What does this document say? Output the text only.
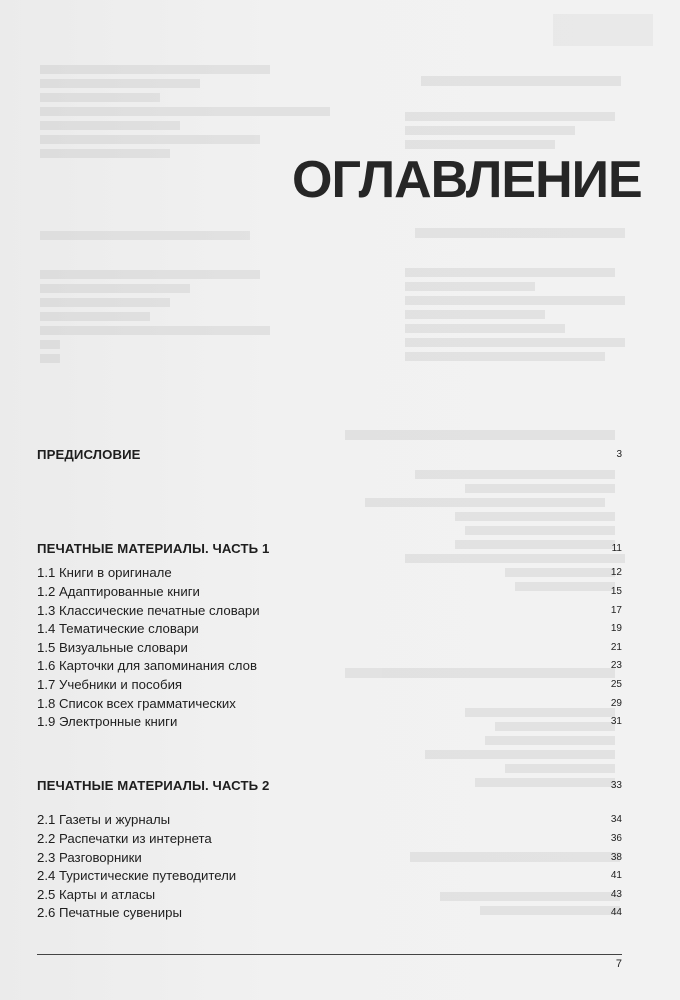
ОГЛАВЛЕНИЕ
ПРЕДИСЛОВИЕ	3
ПЕЧАТНЫЕ МАТЕРИАЛЫ. ЧАСТЬ 1	11
1.1 Книги в оригинале	12
1.2 Адаптированные книги	15
1.3 Классические печатные словари	17
1.4 Тематические словари	19
1.5 Визуальные словари	21
1.6 Карточки для запоминания слов	23
1.7 Учебники и пособия	25
1.8 Список всех грамматических	29
1.9 Электронные книги	31
ПЕЧАТНЫЕ МАТЕРИАЛЫ. ЧАСТЬ 2	33
2.1 Газеты и журналы	34
2.2 Распечатки из интернета	36
2.3 Разговорники	38
2.4 Туристические путеводители	41
2.5 Карты и атласы	43
2.6 Печатные сувениры	44
7
